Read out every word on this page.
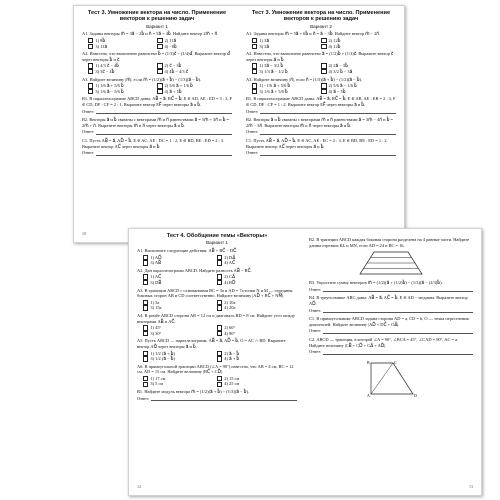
Тест 3. Умножение вектора на число. Применение векторов к решению задач
Вариант 1
А1. Заданы векторы m⃗ = 3a⃗ − 2b⃗ и n⃗ = 5a⃗ + 4b⃗. Найдите вектор 2m⃗ + n⃗.
1) 8b⃗	2) 11a⃗
3) 11a⃗	4) −8b⃗
А2. Известно, что выполнено равенство b⃗ = (1/3)c⃗ − (1/4)d⃗. Выразите вектор d⃗ через векторы b⃗ и c⃗.
1) 4/3 c⃗ − 4b⃗	2) c⃗ − 3b⃗
3) 3c⃗ − 4b⃗	4) 4b⃗ − 4/3 c⃗
А3. Найдите величину |m⃗|, если m⃗ = (1/2)(a⃗ + b⃗) − (1/3)(a⃗ − b⃗).
1) 1/6 a⃗ + 5/6 b⃗	2) 5/6 a⃗ + 1/6 b⃗
3) 1/6 a⃗ − 5/6 b⃗	4) a⃗ + 5b⃗
В1. В параллелограмме ABCD даны: AB⃗ = a⃗, BC⃗ = b⃗, E ∈ AD, AE : ED = 3 : 2, F ∈ CD, DF : CF = 2 : 1. Выразите вектор EF⃗ через векторы a⃗ и b⃗.
Ответ:
В2. Векторы a⃗ и b⃗ связаны с векторами m⃗ и n⃗ равенствами a⃗ = 5m⃗ + 3n⃗ и b⃗ = 2m⃗ + n⃗. Выразите векторы m⃗ и n⃗ через векторы a⃗ и b⃗.
Ответ:
С1. Пусть AB⃗ = a⃗, AD⃗ = b⃗, E ∈ AC, AE : DC = 1 : 2, E ∈ BD, BE : ED = 2 : 3. Выразите вектор AC⃗ через векторы a⃗ и b⃗.
Ответ:
Тест 3. Умножение вектора на число. Применение векторов к решению задач
Вариант 2
А1. Заданы векторы m⃗ = 5a⃗ + 6b⃗ и n⃗ = a⃗ − 3b⃗. Найдите вектор m⃗ − 2n⃗.
1) 3a⃗	2) 12b⃗
3) 3a⃗	4) 12b⃗
А2. Известно, что выполнено равенство a⃗ = (1/2)b⃗ + (1/3)c⃗. Выразите вектор c⃗ через векторы a⃗ и b⃗.
1) 3a⃗ − 3/2 b⃗	2) 2a⃗ − 3b⃗
3) 1/3 a⃗ − 1/2 b⃗	4) 3/2 b⃗ − 3a⃗
А3. Найдите величину |n⃗|, если n⃗ = (1/3)(a⃗ + b⃗) − (1/2)(a⃗ − b⃗).
1) −1/6 a⃗ + 5/6 b⃗	2) 5/6 a⃗ − 1/6 b⃗
3) 1/6 a⃗ + 5/6 b⃗	4) a⃗ − 5b⃗
В1. В параллелограмме ABCD даны: AB⃗ = a⃗, BC⃗ = b⃗, E ∈ AB, AE : EB = 2 : 3, F ∈ CD, DF : CF = 1 : 2. Выразите вектор EF⃗ через векторы a⃗ и b⃗.
Ответ:
В2. Векторы a⃗ и b⃗ связаны с векторами m⃗ и n⃗ равенствами a⃗ = 3m⃗ − 4n⃗ и b⃗ = 2m⃗ − 3n⃗. Выразите векторы m⃗ и n⃗ через векторы a⃗ и b⃗.
Ответ:
С1. Пусть AB⃗ = a⃗, AD⃗ = b⃗, E ∈ AC, AE : EC = 2 : 3, E ∈ BD, BE : ED = 1 : 2. Выразите вектор AC⃗ через векторы a⃗ и b⃗.
Ответ:
10	Тест 4. Обобщение темы «Векторы»
Вариант 1
А1. Выполните следующие действия: AB⃗ + BC⃗ − DC⃗.
1) AD⃗	2) DA⃗
3) AB⃗	4) AC⃗
А2. Дан параллелограмм ABCD. Найдите разность AB⃗ − BC⃗.
1) AC⃗	2) CA⃗
3) DB⃗	4) BD⃗
А3. В трапеции ABCD с основаниями BC = 3a и AD = 7a точки N и M — середины боковых сторон AB и CD соответственно. Найдите величину |AD⃗ + BC⃗ + NM⃗|.
1) 5a	2) 10a
3) 15a	4) 20a
А4. В ромбе ABCD сторона AB = 12 см и диагональ BD = 8 см. Найдите угол между векторами AB⃗ и AC⃗.
1) 45°	2) 60°
3) 30°	4) 90°
А5. Пусть ABCD — параллелограмм, AB⃗ = a⃗, AD⃗ = b⃗, O = AC ∩ BD. Выразите вектор AO⃗ через векторы a⃗ и b⃗.
1) 1/2 (a⃗ + b⃗)	2) a⃗ − b⃗
3) 1/2 (a⃗ − b⃗)	4) a⃗ + b⃗
А6. В прямоугольной трапеции ABCD (∠A = 90°) известно, что AB = 4 см, BC = 12 см, AD = 15 см. Найдите величину |BC⃗ + CD⃗|.
1) 17 см	2) 15 см
3) 5 см	4) 25 см
В1. Найдите модуль вектора m⃗ = (1/2)(a⃗ + b⃗) − (1/3)(a⃗ − b⃗).
Ответ:
В2. В трапеции ABCD каждая боковая сторона разделена на 4 равные части. Найдите длины отрезков KL и MN, если AD = 24 и BC = 16.
В3. Упростите сумму векторов m⃗ = (1/2)(a⃗ + (1/2)b⃗) − (1/3)(a⃗ − (2/3)b⃗).
Ответ:
В4. В треугольнике ABC даны: AB⃗ = a⃗, AC⃗ = b⃗, E ∈ AD − медиана. Выразите вектор AD⃗.
Ответ:
С1. В прямоугольнике ABCD задана сторона AD = a, CD = b, O — точка пересечения диагоналей. Найдите величину |AD⃗ + DC⃗ + OA⃗|.
Ответ:
С2. ABCD — трапеция, в которой ∠A = 90°, ∠BCA = 45°, ∠CAD = 90°, AC = a. Найдите величину |CB⃗ + CD⃗ + CA⃗ + AD⃗|.
Ответ:
B	C
A	D
12	13
